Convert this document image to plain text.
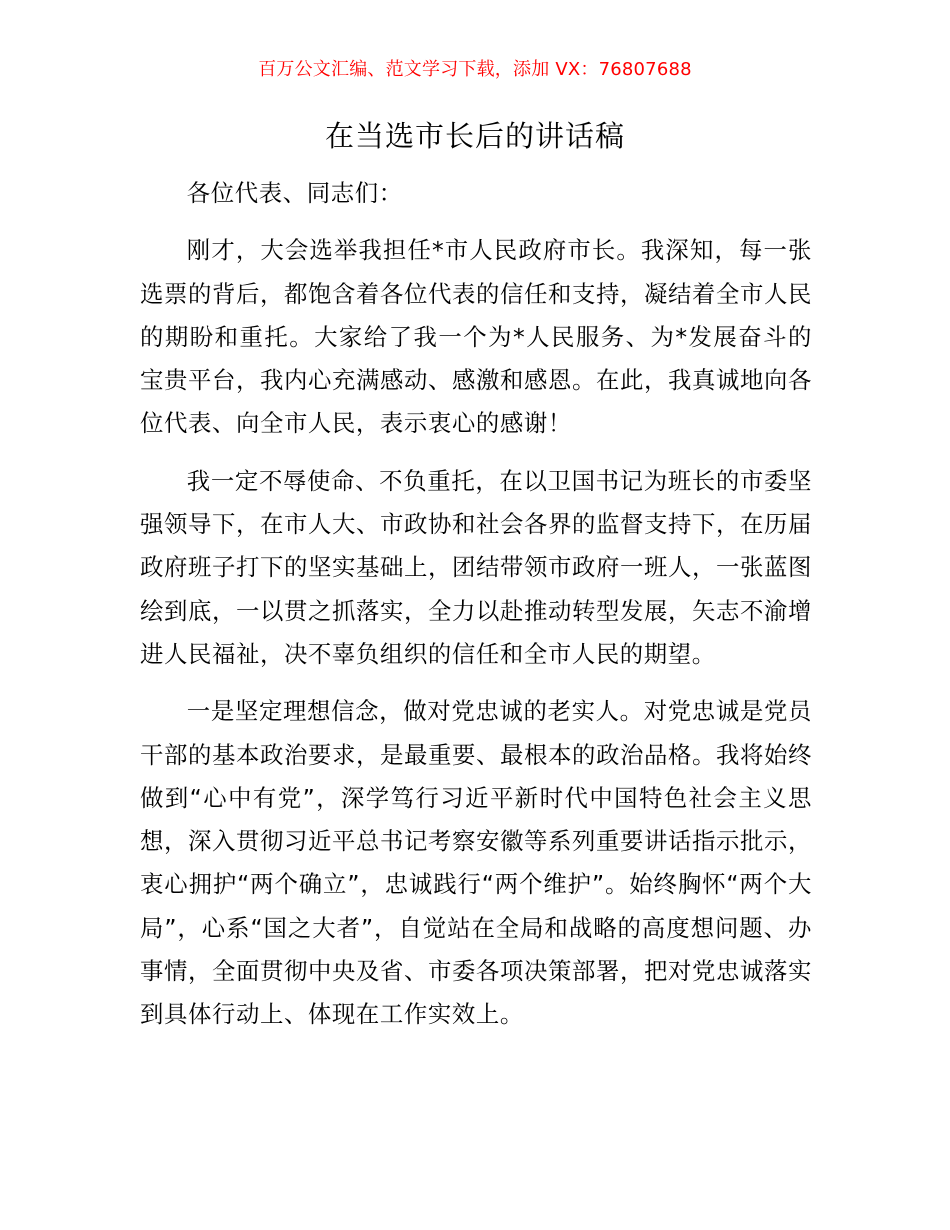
百万公文汇编、范文学习下载，添加 VX：76807688
在当选市长后的讲话稿

各位代表、同志们：

刚才，大会选举我担任*市人民政府市长。我深知，每一张选票的背后，都饱含着各位代表的信任和支持，凝结着全市人民的期盼和重托。大家给了我一个为*人民服务、为*发展奋斗的宝贵平台，我内心充满感动、感激和感恩。在此，我真诚地向各位代表、向全市人民，表示衷心的感谢！

我一定不辱使命、不负重托，在以卫国书记为班长的市委坚强领导下，在市人大、市政协和社会各界的监督支持下，在历届政府班子打下的坚实基础上，团结带领市政府一班人，一张蓝图绘到底，一以贯之抓落实，全力以赴推动转型发展，矢志不渝增进人民福祉，决不辜负组织的信任和全市人民的期望。

一是坚定理想信念，做对党忠诚的老实人。对党忠诚是党员干部的基本政治要求，是最重要、最根本的政治品格。我将始终做到“心中有党”，深学笃行习近平新时代中国特色社会主义思想，深入贯彻习近平总书记考察安徽等系列重要讲话指示批示，衷心拥护“两个确立”，忠诚践行“两个维护”。始终胸怀“两个大局”，心系“国之大者”，自觉站在全局和战略的高度想问题、办事情，全面贯彻中央及省、市委各项决策部署，把对党忠诚落实到具体行动上、体现在工作实效上。
